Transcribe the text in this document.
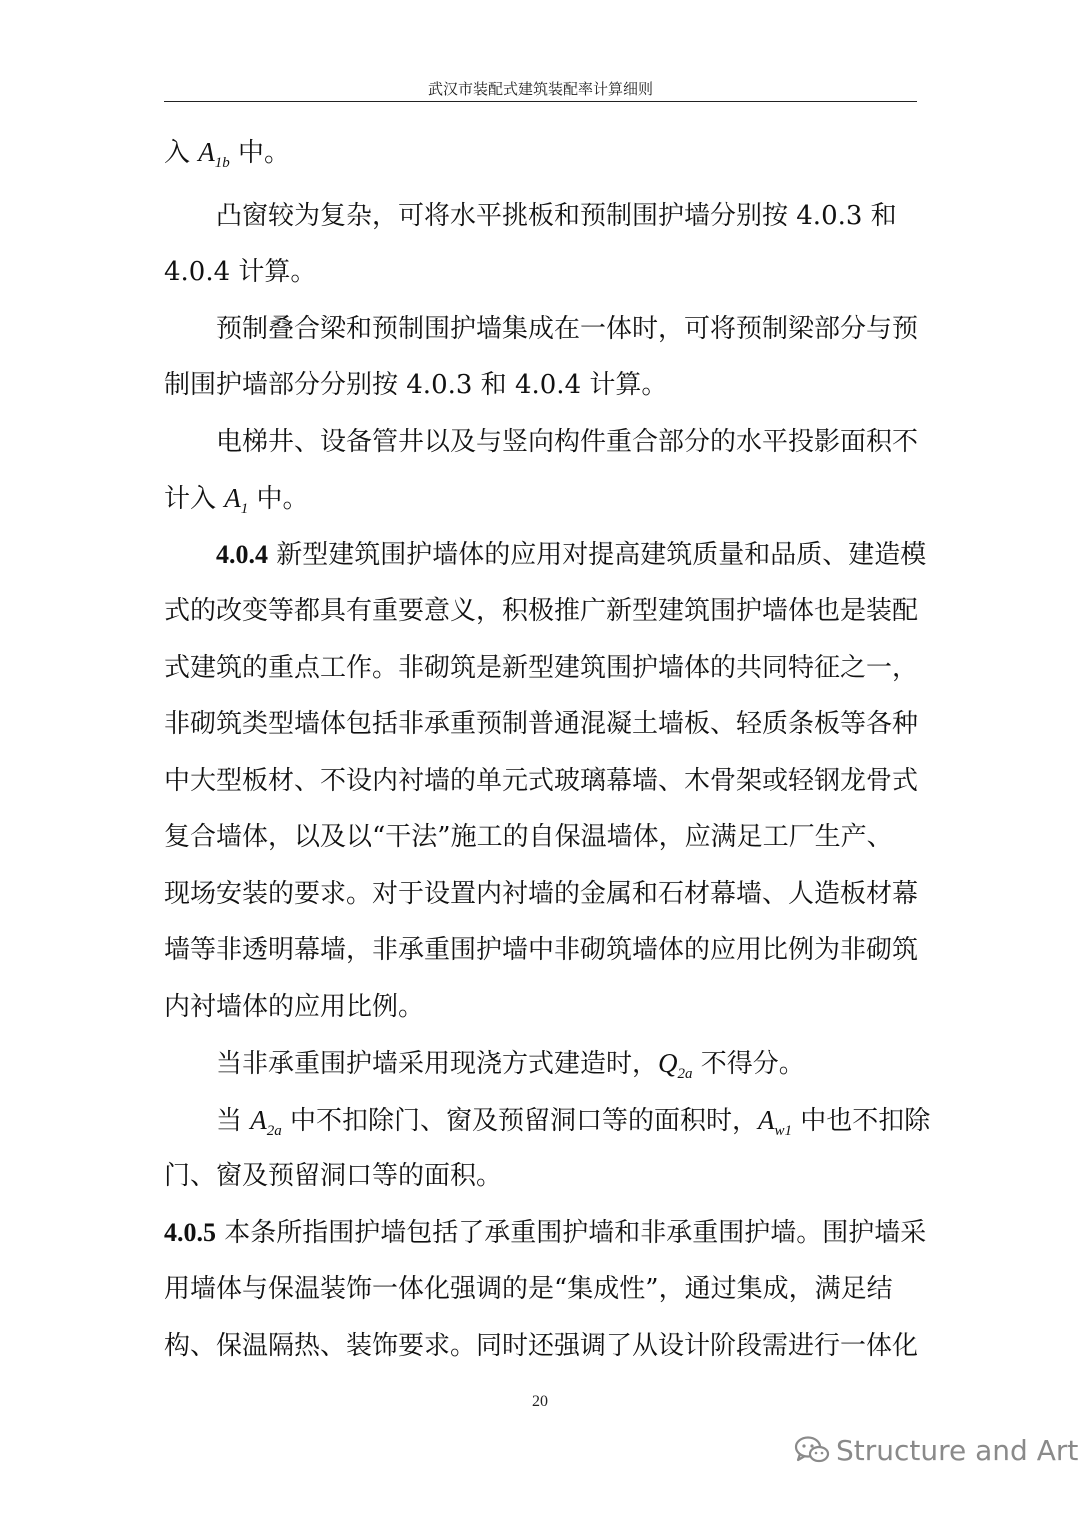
武汉市装配式建筑装配率计算细则
入 $A_{1b}$ 中。
凸窗较为复杂，可将水平挑板和预制围护墙分别按 4.0.3 和
4.0.4 计算。
预制叠合梁和预制围护墙集成在一体时，可将预制梁部分与预
制围护墙部分分别按 4.0.3 和 4.0.4 计算。
电梯井、设备管井以及与竖向构件重合部分的水平投影面积不
计入 $A_1$ 中。
4.0.4 新型建筑围护墙体的应用对提高建筑质量和品质、建造模
式的改变等都具有重要意义，积极推广新型建筑围护墙体也是装配
式建筑的重点工作。非砌筑是新型建筑围护墙体的共同特征之一，
非砌筑类型墙体包括非承重预制普通混凝土墙板、轻质条板等各种
中大型板材、不设内衬墙的单元式玻璃幕墙、木骨架或轻钢龙骨式
复合墙体，以及以“干法”施工的自保温墙体，应满足工厂生产、
现场安装的要求。对于设置内衬墙的金属和石材幕墙、人造板材幕
墙等非透明幕墙，非承重围护墙中非砌筑墙体的应用比例为非砌筑
内衬墙体的应用比例。
当非承重围护墙采用现浇方式建造时，$Q_{2a}$ 不得分。
当 $A_{2a}$ 中不扣除门、窗及预留洞口等的面积时，$A_{w1}$ 中也不扣除
门、窗及预留洞口等的面积。
4.0.5 本条所指围护墙包括了承重围护墙和非承重围护墙。围护墙采
用墙体与保温装饰一体化强调的是“集成性”，通过集成，满足结
构、保温隔热、装饰要求。同时还强调了从设计阶段需进行一体化
20
Structure and Art
